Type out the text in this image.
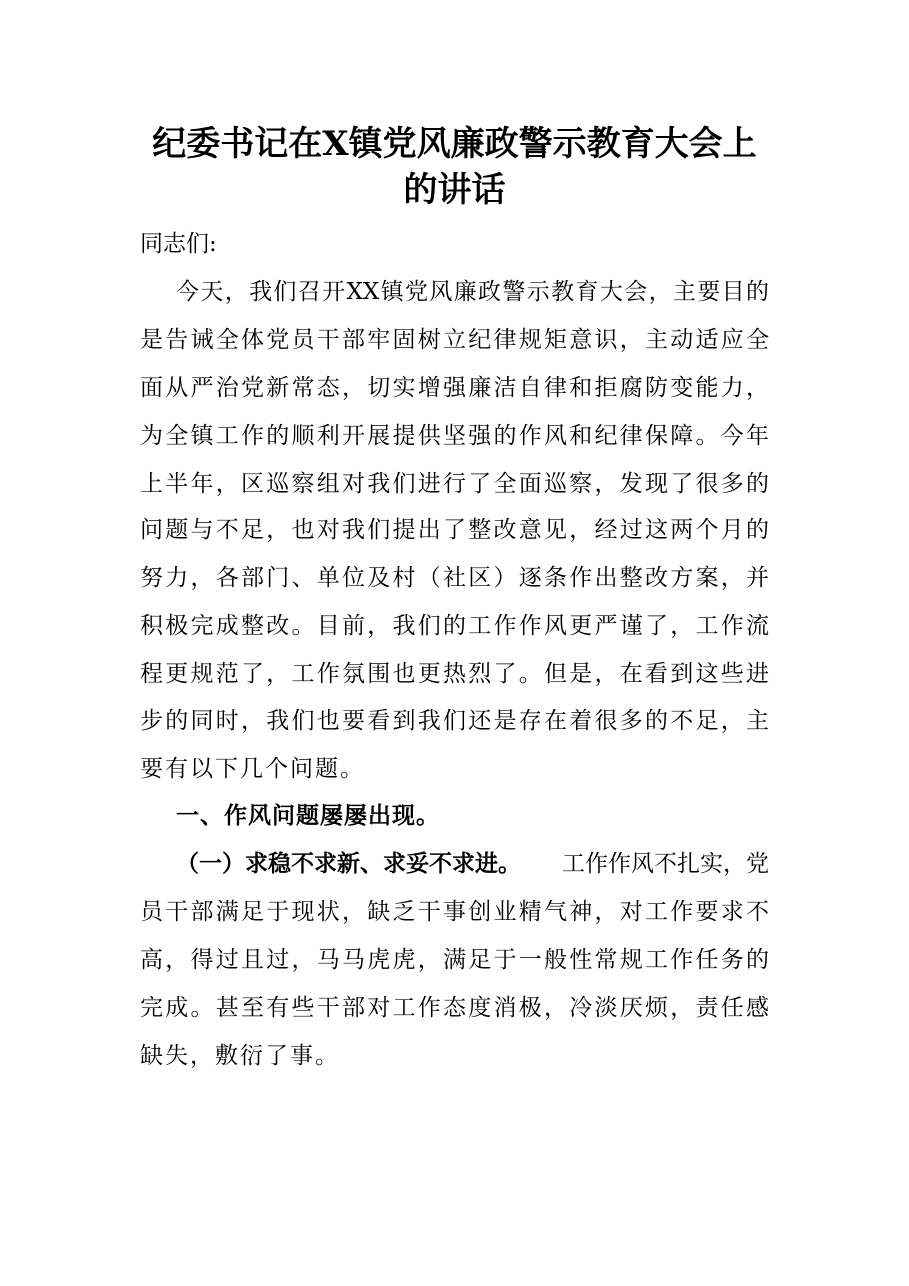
纪委书记在X镇党风廉政警示教育大会上
的讲话

同志们:

今天，我们召开XX镇党风廉政警示教育大会，主要目的

是告诫全体党员干部牢固树立纪律规矩意识，主动适应全

面从严治党新常态，切实增强廉洁自律和拒腐防变能力，

为全镇工作的顺利开展提供坚强的作风和纪律保障。今年

上半年，区巡察组对我们进行了全面巡察，发现了很多的

问题与不足，也对我们提出了整改意见，经过这两个月的

努力，各部门、单位及村（社区）逐条作出整改方案，并

积极完成整改。目前，我们的工作作风更严谨了，工作流

程更规范了，工作氛围也更热烈了。但是，在看到这些进

步的同时，我们也要看到我们还是存在着很多的不足，主

要有以下几个问题。

一、作风问题屡屡出现。

（一）求稳不求新、求妥不求进。 工作作风不扎实，党

员干部满足于现状，缺乏干事创业精气神，对工作要求不

高，得过且过，马马虎虎，满足于一般性常规工作任务的

完成。甚至有些干部对工作态度消极，冷淡厌烦，责任感

缺失，敷衍了事。
